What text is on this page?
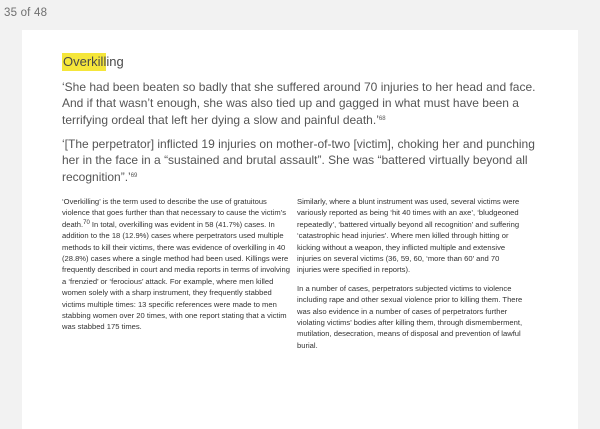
35 of 48
Overkilling

‘She had been beaten so badly that she suffered around 70 injuries to her head and face. And if that wasn’t enough, she was also tied up and gagged in what must have been a terrifying ordeal that left her dying a slow and painful death.’$^{68}$

‘[The perpetrator] inflicted 19 injuries on mother-of-two [victim], choking her and punching her in the face in a “sustained and brutal assault”. She was “battered virtually beyond all recognition”.’$^{69}$

‘Overkilling’ is the term used to describe the use of gratuitous violence that goes further than that necessary to cause the victim’s death.$^{70}$ In total, overkilling was evident in 58 (41.7%) cases. In addition to the 18 (12.9%) cases where perpetrators used multiple methods to kill their victims, there was evidence of overkilling in 40 (28.8%) cases where a single method had been used. Killings were frequently described in court and media reports in terms of involving a ‘frenzied’ or ‘ferocious’ attack. For example, where men killed women solely with a sharp instrument, they frequently stabbed victims multiple times: 13 specific references were made to men stabbing women over 20 times, with one report stating that a victim was stabbed 175 times.

Similarly, where a blunt instrument was used, several victims were variously reported as being ‘hit 40 times with an axe’, ‘bludgeoned repeatedly’, ‘battered virtually beyond all recognition’ and suffering ‘catastrophic head injuries’. Where men killed through hitting or kicking without a weapon, they inflicted multiple and extensive injuries on several victims (36, 59, 60, ‘more than 60’ and 70 injuries were specified in reports).

In a number of cases, perpetrators subjected victims to violence including rape and other sexual violence prior to killing them. There was also evidence in a number of cases of perpetrators further violating victims’ bodies after killing them, through dismemberment, mutilation, desecration, means of disposal and prevention of lawful burial.
